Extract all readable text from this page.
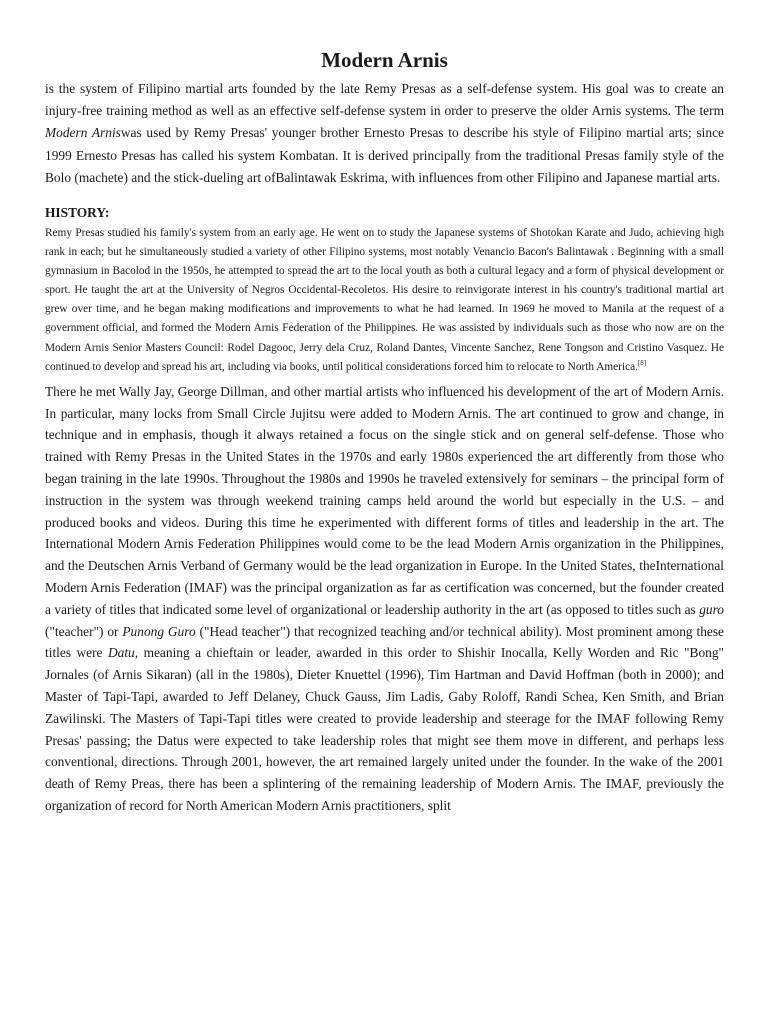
Modern Arnis

is the system of Filipino martial arts founded by the late Remy Presas as a self-defense system. His goal was to create an injury-free training method as well as an effective self-defense system in order to preserve the older Arnis systems. The term Modern Arniswas used by Remy Presas' younger brother Ernesto Presas to describe his style of Filipino martial arts; since 1999 Ernesto Presas has called his system Kombatan. It is derived principally from the traditional Presas family style of the Bolo (machete) and the stick-dueling art ofBalintawak Eskrima, with influences from other Filipino and Japanese martial arts.

HISTORY:

Remy Presas studied his family's system from an early age. He went on to study the Japanese systems of Shotokan Karate and Judo, achieving high rank in each; but he simultaneously studied a variety of other Filipino systems, most notably Venancio Bacon's Balintawak . Beginning with a small gymnasium in Bacolod in the 1950s, he attempted to spread the art to the local youth as both a cultural legacy and a form of physical development or sport. He taught the art at the University of Negros Occidental-Recoletos. His desire to reinvigorate interest in his country's traditional martial art grew over time, and he began making modifications and improvements to what he had learned. In 1969 he moved to Manila at the request of a government official, and formed the Modern Arnis Federation of the Philippines. He was assisted by individuals such as those who now are on the Modern Arnis Senior Masters Council: Rodel Dagooc, Jerry dela Cruz, Roland Dantes, Vincente Sanchez, Rene Tongson and Cristino Vasquez. He continued to develop and spread his art, including via books, until political considerations forced him to relocate to North America.[8]

There he met Wally Jay, George Dillman, and other martial artists who influenced his development of the art of Modern Arnis. In particular, many locks from Small Circle Jujitsu were added to Modern Arnis. The art continued to grow and change, in technique and in emphasis, though it always retained a focus on the single stick and on general self-defense. Those who trained with Remy Presas in the United States in the 1970s and early 1980s experienced the art differently from those who began training in the late 1990s. Throughout the 1980s and 1990s he traveled extensively for seminars – the principal form of instruction in the system was through weekend training camps held around the world but especially in the U.S. – and produced books and videos. During this time he experimented with different forms of titles and leadership in the art. The International Modern Arnis Federation Philippines would come to be the lead Modern Arnis organization in the Philippines, and the Deutschen Arnis Verband of Germany would be the lead organization in Europe. In the United States, theInternational Modern Arnis Federation (IMAF) was the principal organization as far as certification was concerned, but the founder created a variety of titles that indicated some level of organizational or leadership authority in the art (as opposed to titles such as guro ("teacher") or Punong Guro ("Head teacher") that recognized teaching and/or technical ability). Most prominent among these titles were Datu, meaning a chieftain or leader, awarded in this order to Shishir Inocalla, Kelly Worden and Ric "Bong" Jornales (of Arnis Sikaran) (all in the 1980s), Dieter Knuettel (1996), Tim Hartman and David Hoffman (both in 2000); and Master of Tapi-Tapi, awarded to Jeff Delaney, Chuck Gauss, Jim Ladis, Gaby Roloff, Randi Schea, Ken Smith, and Brian Zawilinski. The Masters of Tapi-Tapi titles were created to provide leadership and steerage for the IMAF following Remy Presas' passing; the Datus were expected to take leadership roles that might see them move in different, and perhaps less conventional, directions. Through 2001, however, the art remained largely united under the founder. In the wake of the 2001 death of Remy Preas, there has been a splintering of the remaining leadership of Modern Arnis. The IMAF, previously the organization of record for North American Modern Arnis practitioners, split
